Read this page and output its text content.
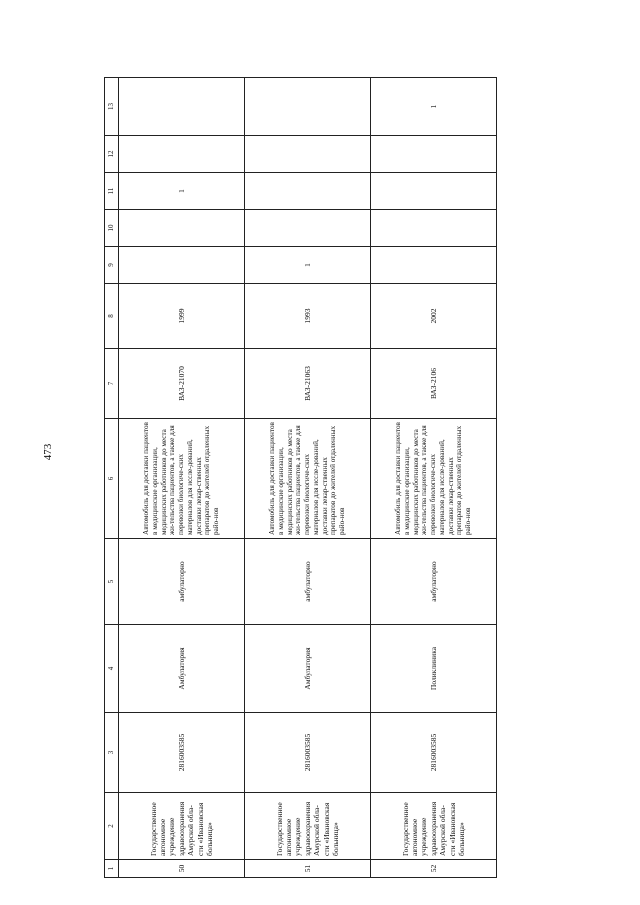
473
1	2	3	4	5	6	7	8	9	10	11	12	13
50	Государственное автономное учреждение здравоохранения Амурской обла-сти «Ивановская больница»	2816003585	Амбулатория	амбулаторно	Автомобиль для доставки пациентов в медицинские организации, медицинских работников до места жи-тельства пациентов, а также для перевозки биологиче-ских материалов для иссле-дований, доставки лекар-ственных препаратов до жителей отдаленных райо-нов	ВАЗ-21070	1999			1		
51	Государственное автономное учреждение здравоохранения Амурской обла-сти «Ивановская больница»	2816003585	Амбулатория	амбулаторно	Автомобиль для доставки пациентов в медицинские организации, медицинских работников до места жи-тельства пациентов, а также для перевозки биологиче-ских материалов для иссле-дований, доставки лекар-ственных препаратов до жителей отдаленных райо-нов	ВАЗ-21063	1993	1				
52	Государственное автономное учреждение здравоохранения Амурской обла-сти «Ивановская больница»	2816003585	Поликлиника	амбулаторно	Автомобиль для доставки пациентов в медицинские организации, медицинских работников до места жи-тельства пациентов, а также для перевозки биологиче-ских материалов для иссле-дований, доставки лекар-ственных препаратов до жителей отдаленных райо-нов	ВАЗ-2106	2002					1
